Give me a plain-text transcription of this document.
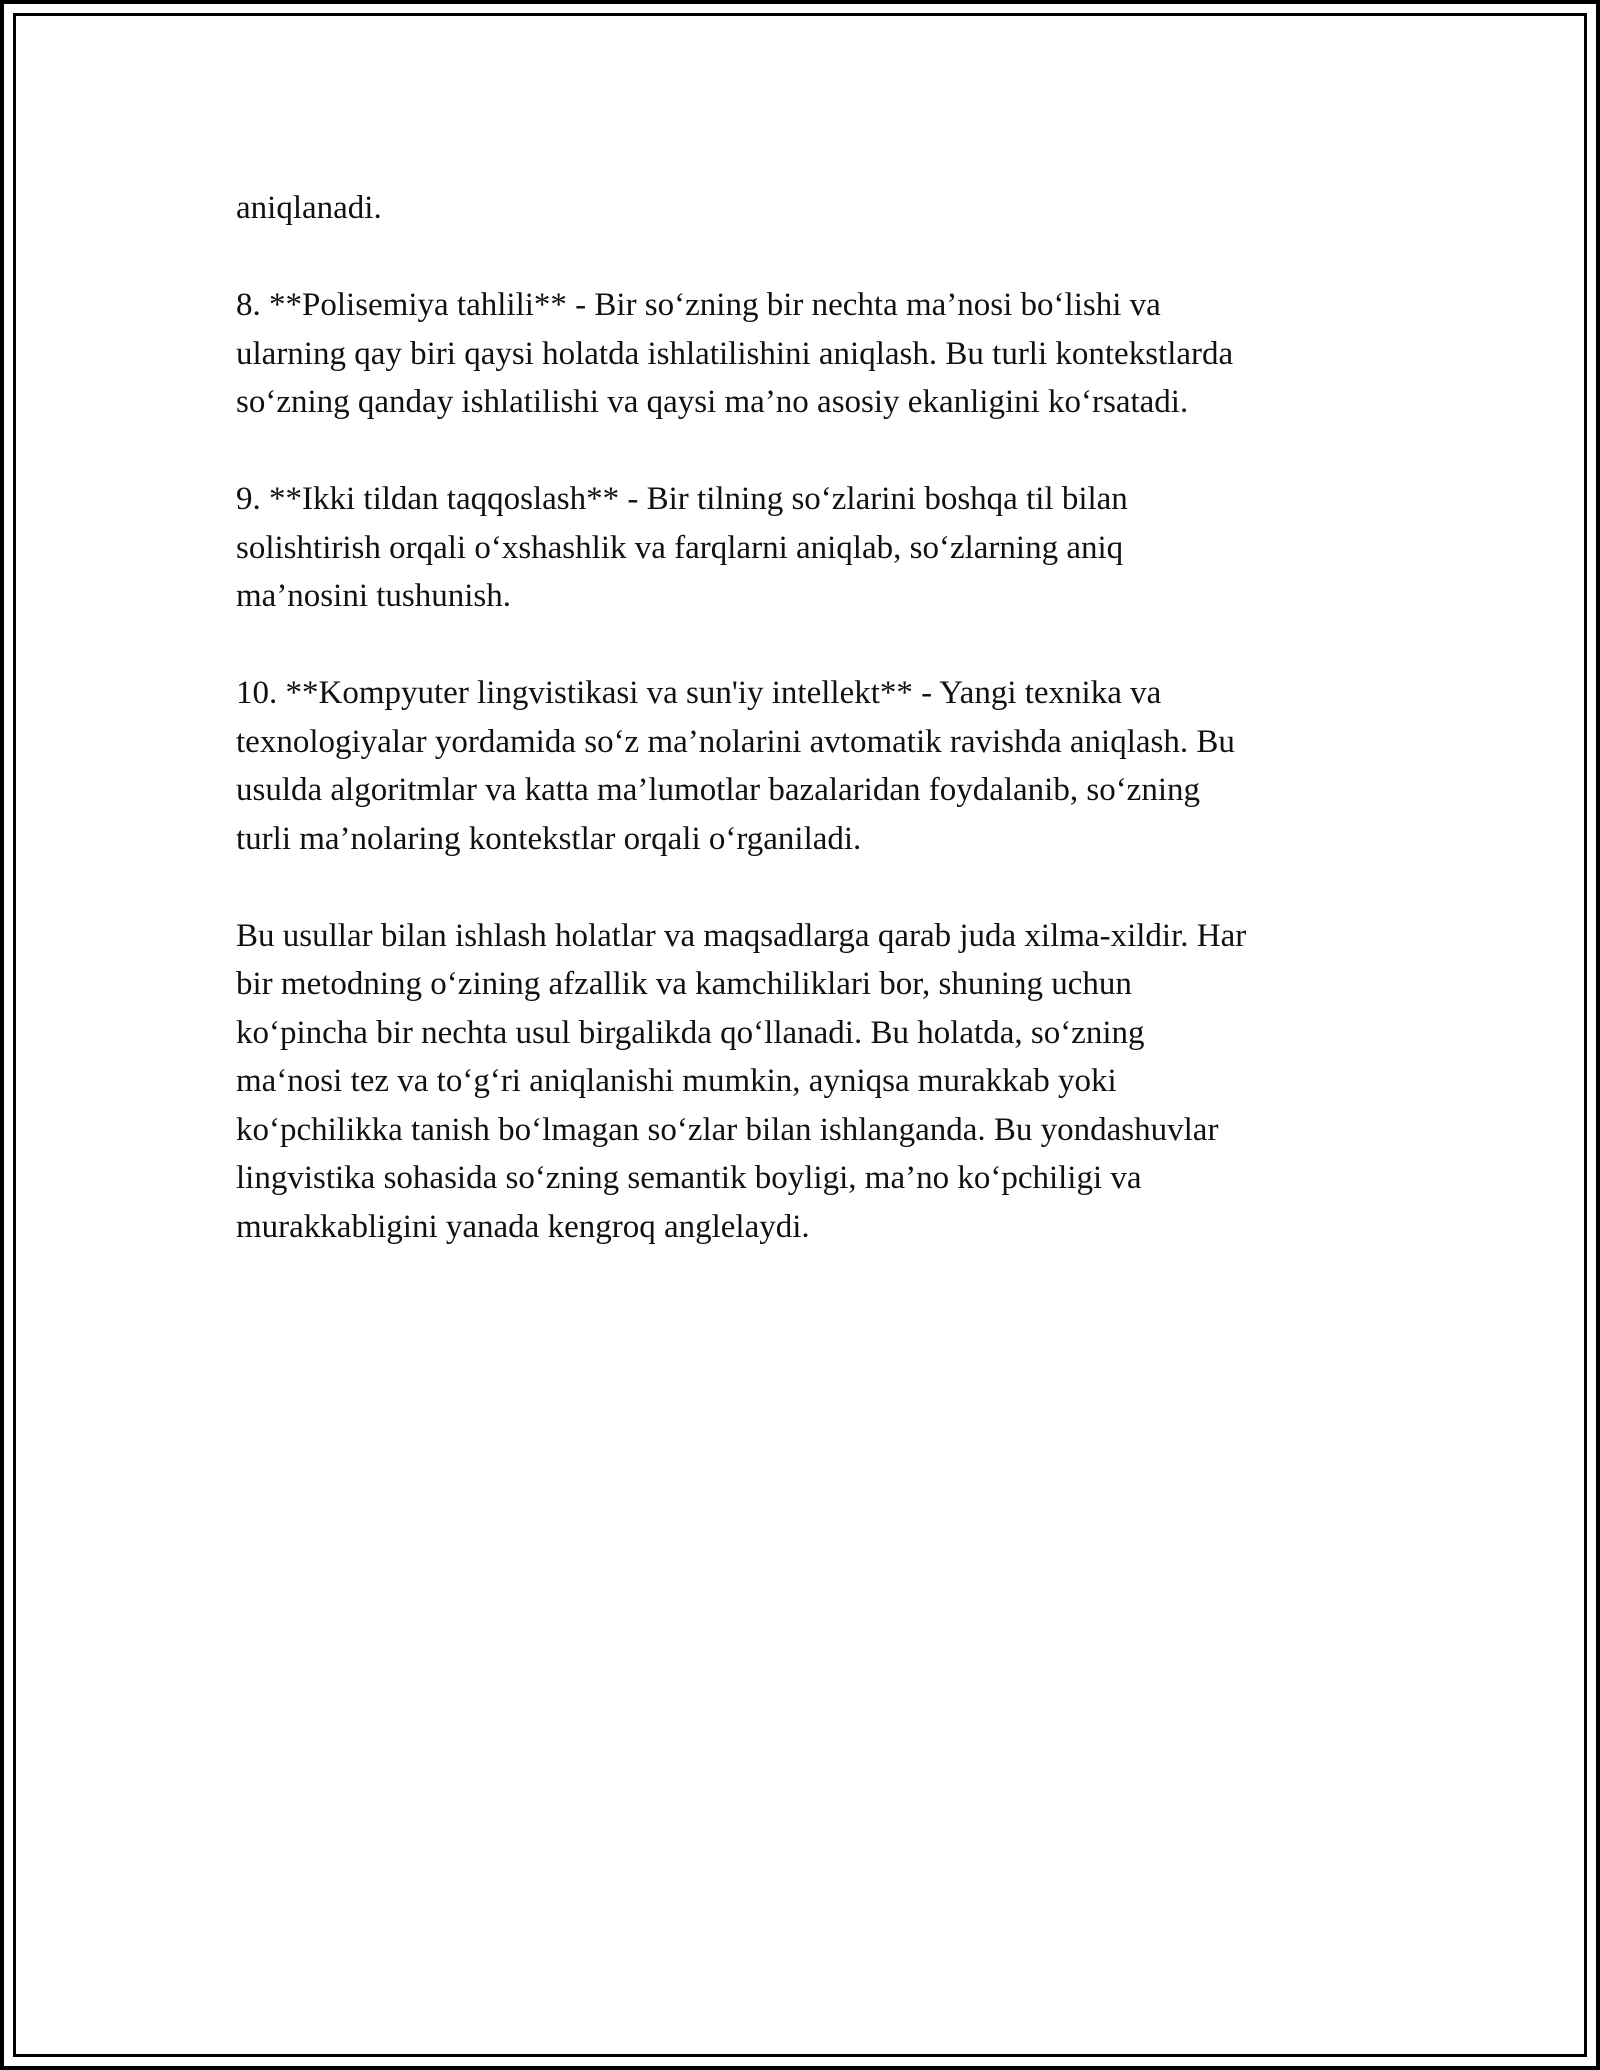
aniqlanadi.

8. **Polisemiya tahlili** - Bir so‘zning bir nechta ma’nosi bo‘lishi va
ularning qay biri qaysi holatda ishlatilishini aniqlash. Bu turli kontekstlarda
so‘zning qanday ishlatilishi va qaysi ma’no asosiy ekanligini ko‘rsatadi.

9. **Ikki tildan taqqoslash** - Bir tilning so‘zlarini boshqa til bilan
solishtirish orqali o‘xshashlik va farqlarni aniqlab, so‘zlarning aniq
ma’nosini tushunish.

10. **Kompyuter lingvistikasi va sun'iy intellekt** - Yangi texnika va
texnologiyalar yordamida so‘z ma’nolarini avtomatik ravishda aniqlash. Bu
usulda algoritmlar va katta ma’lumotlar bazalaridan foydalanib, so‘zning
turli ma’nolaring kontekstlar orqali o‘rganiladi.

Bu usullar bilan ishlash holatlar va maqsadlarga qarab juda xilma-xildir. Har
bir metodning o‘zining afzallik va kamchiliklari bor, shuning uchun
ko‘pincha bir nechta usul birgalikda qo‘llanadi. Bu holatda, so‘zning
ma‘nosi tez va to‘g‘ri aniqlanishi mumkin, ayniqsa murakkab yoki
ko‘pchilikka tanish bo‘lmagan so‘zlar bilan ishlanganda. Bu yondashuvlar
lingvistika sohasida so‘zning semantik boyligi, ma’no ko‘pchiligi va
murakkabligini yanada kengroq anglelaydi.
